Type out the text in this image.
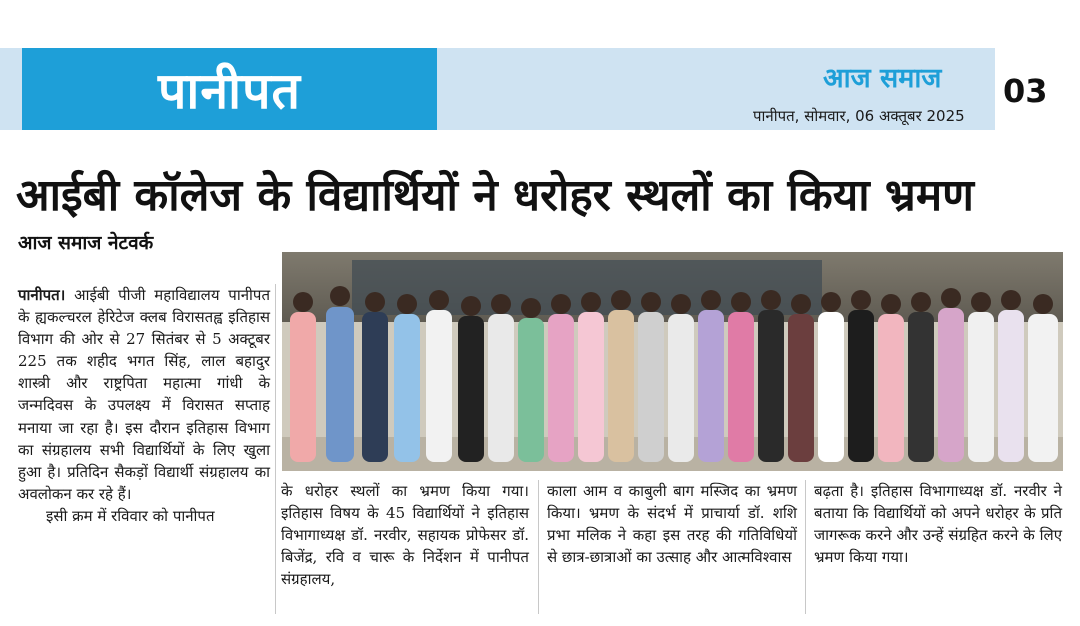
पानीपत	आज समाज
पानीपत, सोमवार, 06 अक्तूबर 2025
03
आईबी कॉलेज के विद्यार्थियों ने धरोहर स्थलों का किया भ्रमण
आज समाज नेटवर्क

पानीपत। आईबी पीजी महाविद्यालय पानीपत के ह्यकल्चरल हेरिटेज क्लब विरासतह्व इतिहास विभाग की ओर से 27 सितंबर से 5 अक्टूबर 225 तक शहीद भगत सिंह, लाल बहादुर शास्त्री और राष्ट्रपिता महात्मा गांधी के जन्मदिवस के उपलक्ष्य में विरासत सप्ताह मनाया जा रहा है। इस दौरान इतिहास विभाग का संग्रहालय सभी विद्यार्थियों के लिए खुला हुआ है। प्रतिदिन सैकड़ों विद्यार्थी संग्रहालय का अवलोकन कर रहे हैं।

इसी क्रम में रविवार को पानीपत

के धरोहर स्थलों का भ्रमण किया गया। इतिहास विषय के 45 विद्यार्थियों ने इतिहास विभागाध्यक्ष डॉ. नरवीर, सहायक प्रोफेसर डॉ. बिजेंद्र, रवि व चारू के निर्देशन में पानीपत संग्रहालय,
काला आम व काबुली बाग मस्जिद का भ्रमण किया। भ्रमण के संदर्भ में प्राचार्या डॉ. शशि प्रभा मलिक ने कहा इस तरह की गतिविधियों से छात्र-छात्राओं का उत्साह और आत्मविश्वास
बढ़ता है। इतिहास विभागाध्यक्ष डॉ. नरवीर ने बताया कि विद्यार्थियों को अपने धरोहर के प्रति जागरूक करने और उन्हें संग्रहित करने के लिए भ्रमण किया गया।
